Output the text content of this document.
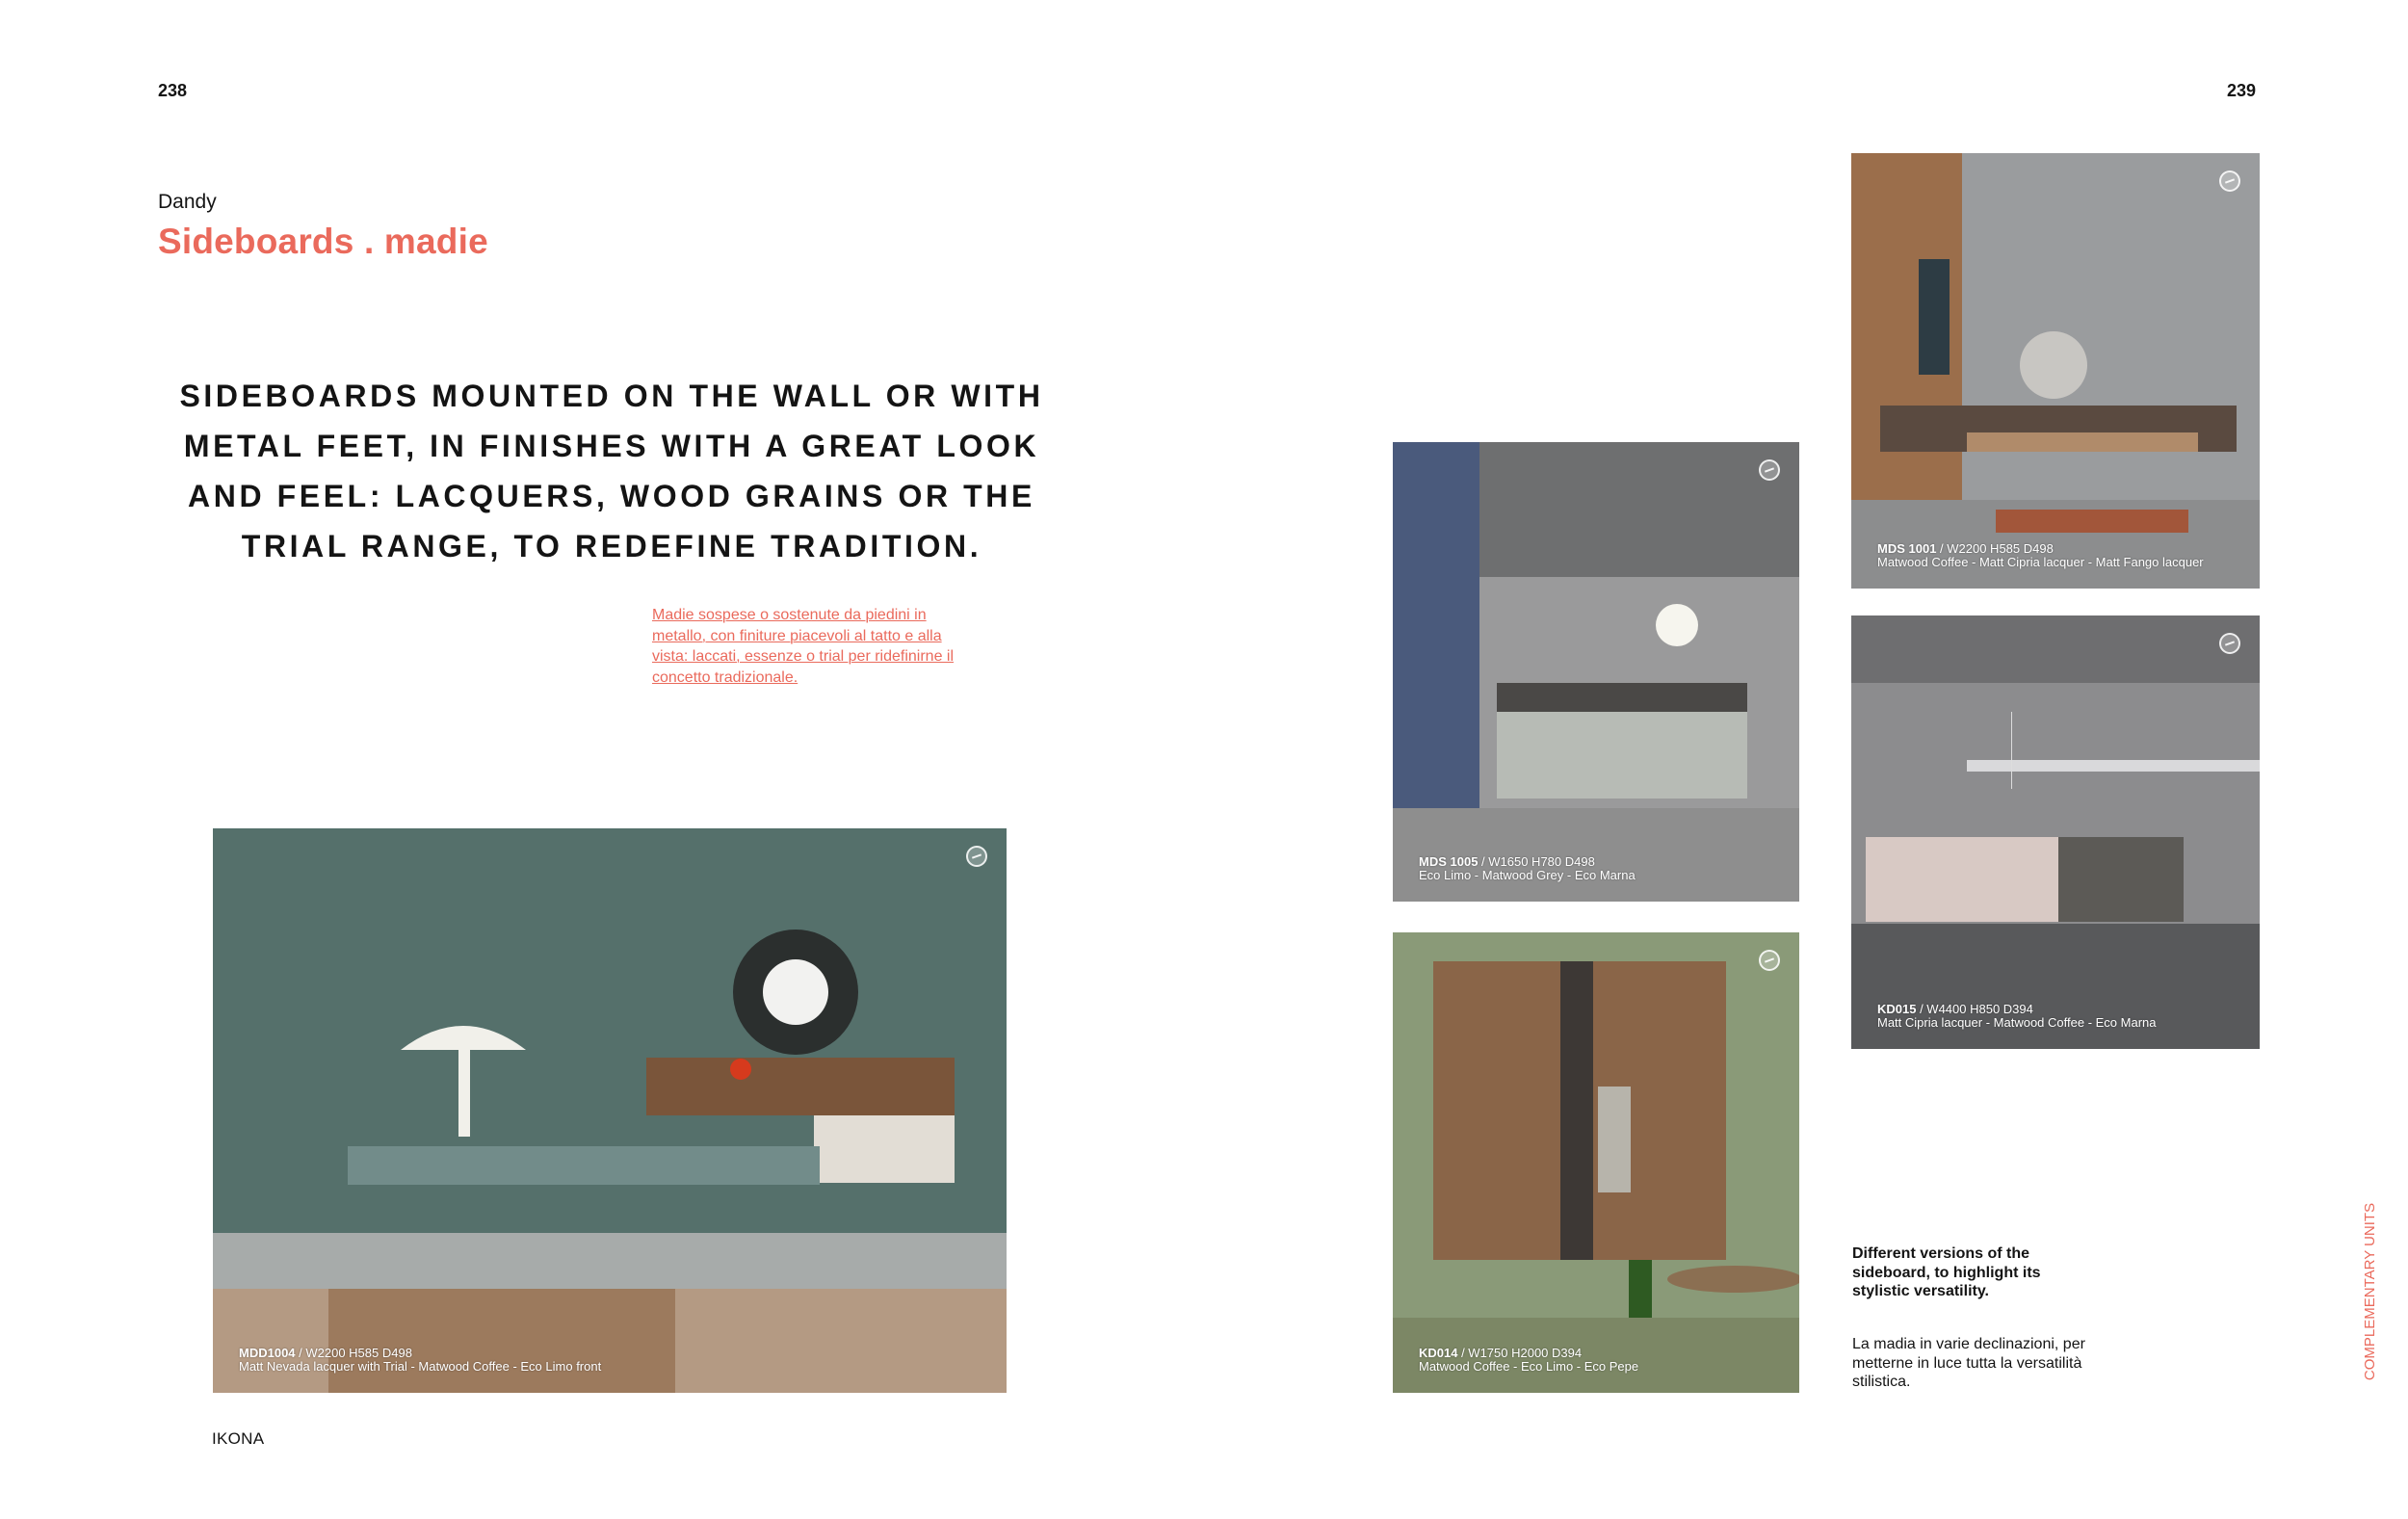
238	239
Dandy
Sideboards . madie
SIDEBOARDS MOUNTED ON THE WALL OR WITH METAL FEET, IN FINISHES WITH A GREAT LOOK AND FEEL: LACQUERS, WOOD GRAINS OR THE TRIAL RANGE, TO REDEFINE TRADITION.
Madie sospese o sostenute da piedini in metallo, con finiture piacevoli al tatto e alla vista: laccati, essenze o trial per ridefinirne il concetto tradizionale.
MDD1004 / W2200 H585 D498
Matt Nevada lacquer with Trial - Matwood Coffee - Eco Limo front
MDS 1005 / W1650 H780 D498
Eco Limo - Matwood Grey - Eco Marna
KD014 / W1750 H2000 D394
Matwood Coffee - Eco Limo - Eco Pepe
MDS 1001 / W2200 H585 D498
Matwood Coffee - Matt Cipria lacquer - Matt Fango lacquer
KD015 / W4400 H850 D394
Matt Cipria lacquer - Matwood Coffee - Eco Marna
Different versions of the sideboard, to highlight its stylistic versatility.
La madia in varie declinazioni, per metterne in luce tutta la versatilità stilistica.
IKONA
COMPLEMENTARY UNITS
